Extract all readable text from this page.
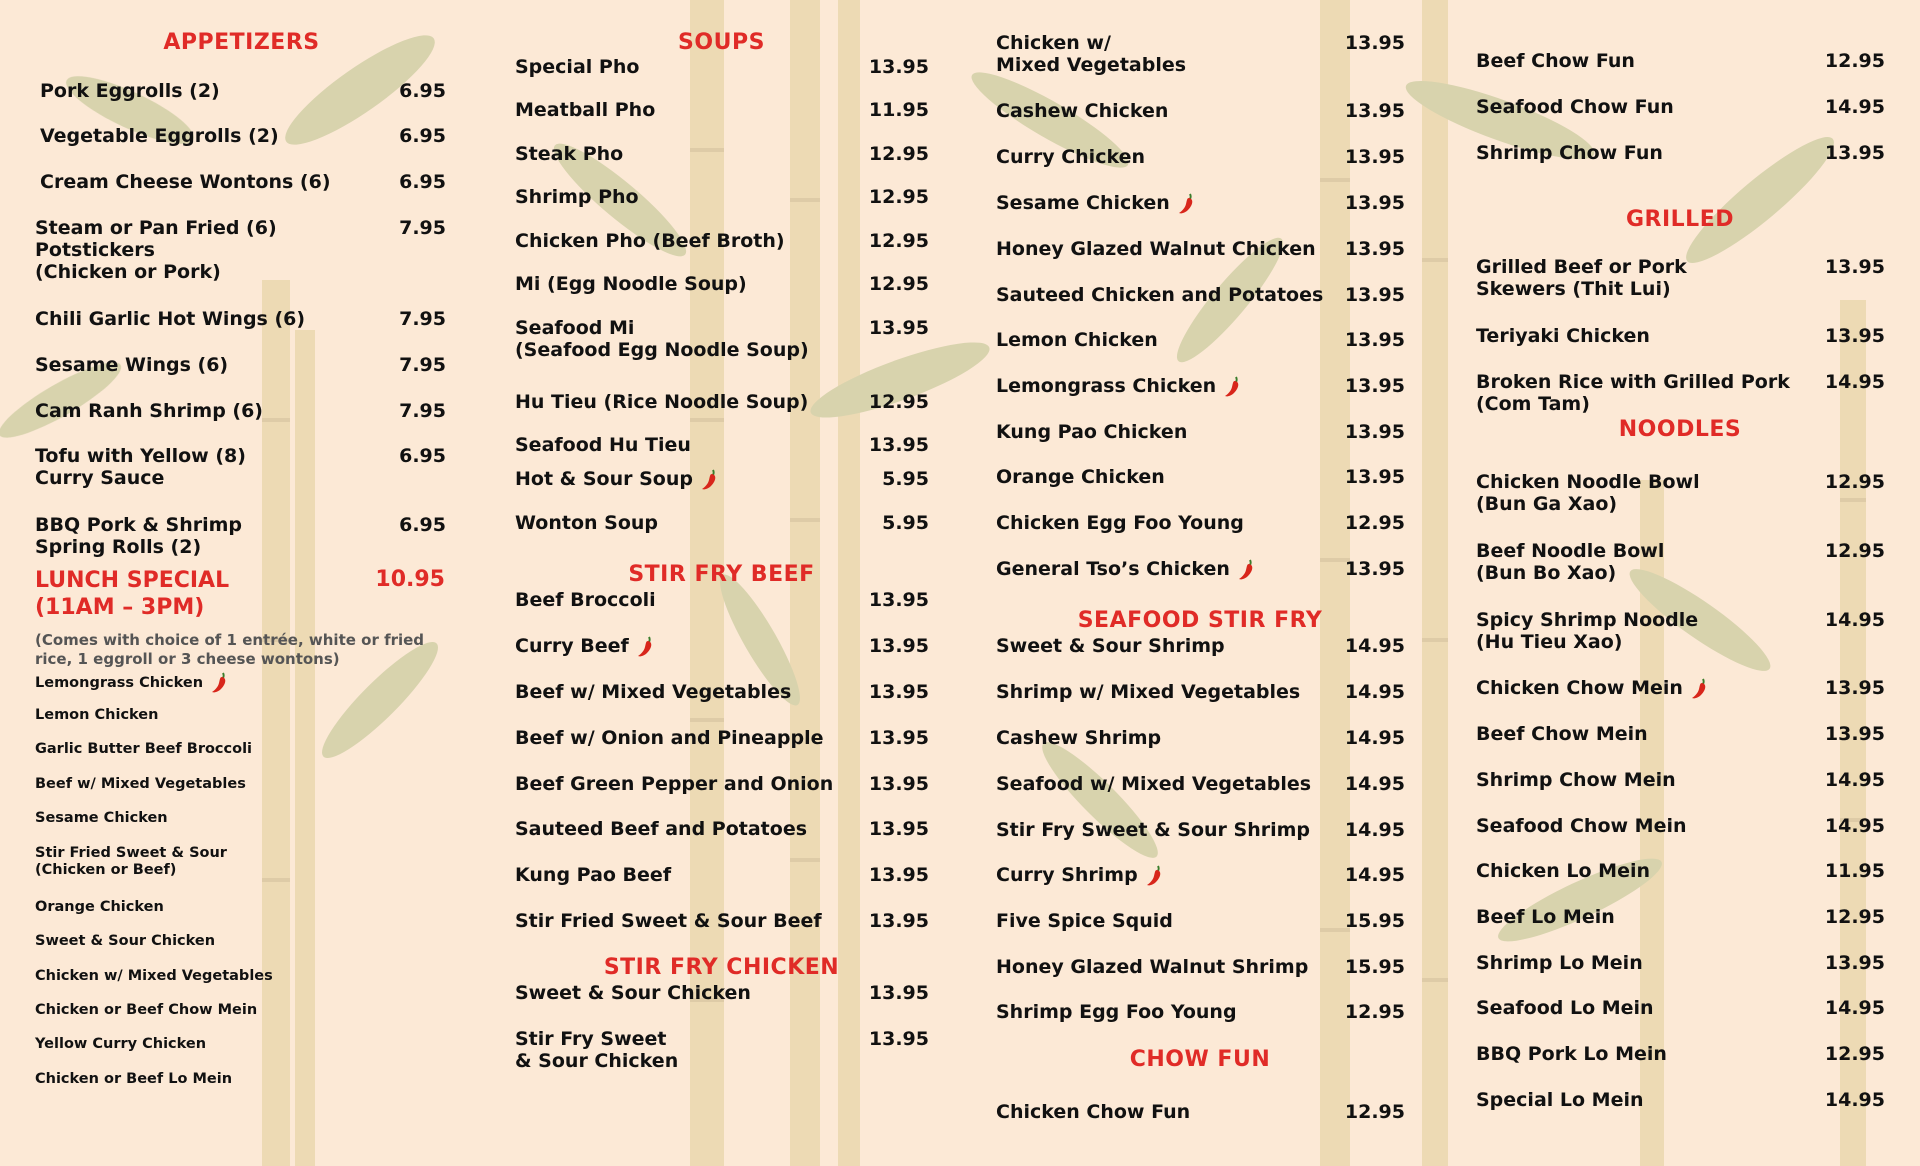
APPETIZERS
Pork Eggrolls (2)	6.95
Vegetable Eggrolls (2)	6.95
Cream Cheese Wontons (6)	6.95
Steam or Pan Fried (6)
Potstickers
(Chicken or Pork)
7.95
Chili Garlic Hot Wings (6)	7.95
Sesame Wings (6)	7.95
Cam Ranh Shrimp (6)	7.95
Tofu with Yellow (8)
Curry Sauce
6.95
BBQ Pork & Shrimp
Spring Rolls (2)
6.95
LUNCH SPECIAL
(11AM – 3PM)
10.95
(Comes with choice of 1 entrée, white or fried rice, 1 eggroll or 3 cheese wontons)
Lemongrass Chicken
Lemon Chicken
Garlic Butter Beef Broccoli
Beef w/ Mixed Vegetables
Sesame Chicken
Stir Fried Sweet & Sour
(Chicken or Beef)
Orange Chicken
Sweet & Sour Chicken
Chicken w/ Mixed Vegetables
Chicken or Beef Chow Mein
Yellow Curry Chicken
Chicken or Beef Lo Mein
SOUPS
Special Pho	13.95
Meatball Pho	11.95
Steak Pho	12.95
Shrimp Pho	12.95
Chicken Pho (Beef Broth)	12.95
Mi (Egg Noodle Soup)	12.95
Seafood Mi
(Seafood Egg Noodle Soup)
13.95
Hu Tieu (Rice Noodle Soup)	12.95
Seafood Hu Tieu	13.95
Hot & Sour Soup	5.95
Wonton Soup	5.95
STIR FRY BEEF
Beef Broccoli	13.95
Curry Beef	13.95
Beef w/ Mixed Vegetables	13.95
Beef w/ Onion and Pineapple 13.95
Beef Green Pepper and Onion 13.95
Sauteed Beef and Potatoes	13.95
Kung Pao Beef	13.95
Stir Fried Sweet & Sour Beef 13.95
STIR FRY CHICKEN
Sweet & Sour Chicken	13.95
Stir Fry Sweet
& Sour Chicken
13.95
Chicken w/
Mixed Vegetables
13.95
Cashew Chicken	13.95
Curry Chicken	13.95
Sesame Chicken	13.95
Honey Glazed Walnut Chicken 13.95
Sauteed Chicken and Potatoes 13.95
Lemon Chicken	13.95
Lemongrass Chicken	13.95
Kung Pao Chicken	13.95
Orange Chicken	13.95
Chicken Egg Foo Young	12.95
General Tso’s Chicken	13.95
SEAFOOD STIR FRY
Sweet & Sour Shrimp	14.95
Shrimp w/ Mixed Vegetables 14.95
Cashew Shrimp	14.95
Seafood w/ Mixed Vegetables 14.95
Stir Fry Sweet & Sour Shrimp 14.95
Curry Shrimp	14.95
Five Spice Squid	15.95
Honey Glazed Walnut Shrimp 15.95
Shrimp Egg Foo Young	12.95
CHOW FUN
Chicken Chow Fun	12.95
Beef Chow Fun	12.95
Seafood Chow Fun	14.95
Shrimp Chow Fun	13.95
GRILLED
Grilled Beef or Pork
Skewers (Thit Lui)
13.95
Teriyaki Chicken	13.95
Broken Rice with Grilled Pork
(Com Tam)
14.95
NOODLES
Chicken Noodle Bowl
(Bun Ga Xao)
12.95
Beef Noodle Bowl
(Bun Bo Xao)
12.95
Spicy Shrimp Noodle
(Hu Tieu Xao)
14.95
Chicken Chow Mein	13.95
Beef Chow Mein	13.95
Shrimp Chow Mein	14.95
Seafood Chow Mein	14.95
Chicken Lo Mein	11.95
Beef Lo Mein	12.95
Shrimp Lo Mein	13.95
Seafood Lo Mein	14.95
BBQ Pork Lo Mein	12.95
Special Lo Mein	14.95
